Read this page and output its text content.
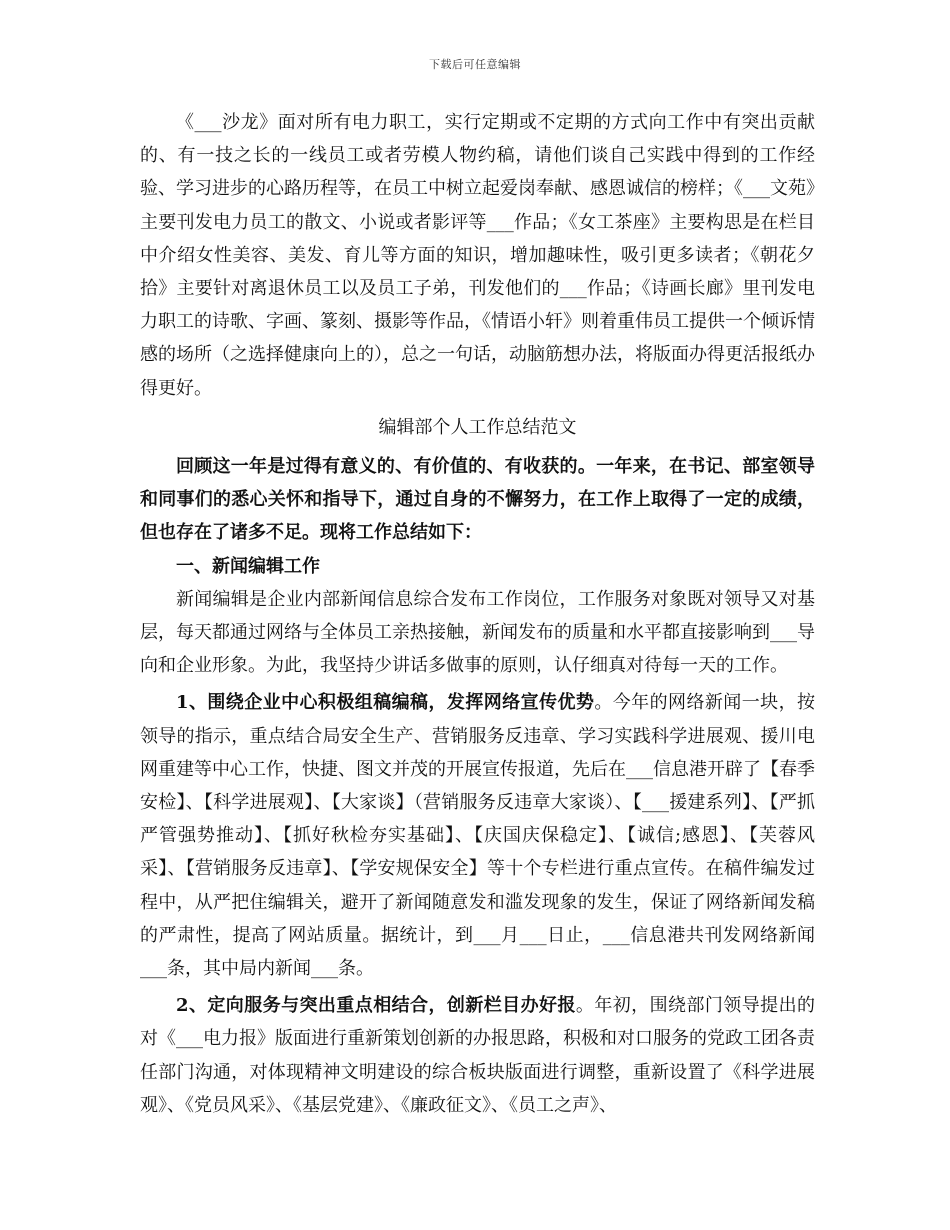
下载后可任意编辑

《___沙龙》面对所有电力职工，实行定期或不定期的方式向工作中有突出贡献的、有一技之长的一线员工或者劳模人物约稿，请他们谈自己实践中得到的工作经验、学习进步的心路历程等，在员工中树立起爱岗奉献、感恩诚信的榜样；《___文苑》主要刊发电力员工的散文、小说或者影评等___作品；《女工茶座》主要构思是在栏目中介绍女性美容、美发、育儿等方面的知识，增加趣味性，吸引更多读者；《朝花夕拾》主要针对离退休员工以及员工子弟，刊发他们的___作品；《诗画长廊》里刊发电力职工的诗歌、字画、篆刻、摄影等作品，《情语小轩》则着重伟员工提供一个倾诉情感的场所（之选择健康向上的），总之一句话，动脑筋想办法，将版面办得更活报纸办得更好。

编辑部个人工作总结范文

回顾这一年是过得有意义的、有价值的、有收获的。一年来，在书记、部室领导和同事们的悉心关怀和指导下，通过自身的不懈努力，在工作上取得了一定的成绩，但也存在了诸多不足。现将工作总结如下：

一、新闻编辑工作

新闻编辑是企业内部新闻信息综合发布工作岗位，工作服务对象既对领导又对基层，每天都通过网络与全体员工亲热接触，新闻发布的质量和水平都直接影响到___导向和企业形象。为此，我坚持少讲话多做事的原则，认仔细真对待每一天的工作。

1、围绕企业中心积极组稿编稿，发挥网络宣传优势。今年的网络新闻一块，按领导的指示，重点结合局安全生产、营销服务反违章、学习实践科学进展观、援川电网重建等中心工作，快捷、图文并茂的开展宣传报道，先后在___信息港开辟了【春季安检】、【科学进展观】、【大家谈】（营销服务反违章大家谈）、【___援建系列】、【严抓严管强势推动】、【抓好秋检夯实基础】、【庆国庆保稳定】、【诚信;感恩】、【芙蓉风采】、【营销服务反违章】、【学安规保安全】等十个专栏进行重点宣传。在稿件编发过程中，从严把住编辑关，避开了新闻随意发和滥发现象的发生，保证了网络新闻发稿的严肃性，提高了网站质量。据统计，到___月___日止，___信息港共刊发网络新闻___条，其中局内新闻___条。

2、定向服务与突出重点相结合，创新栏目办好报。年初，围绕部门领导提出的对《___电力报》版面进行重新策划创新的办报思路，积极和对口服务的党政工团各责任部门沟通，对体现精神文明建设的综合板块版面进行调整，重新设置了《科学进展观》、《党员风采》、《基层党建》、《廉政征文》、《员工之声》、
